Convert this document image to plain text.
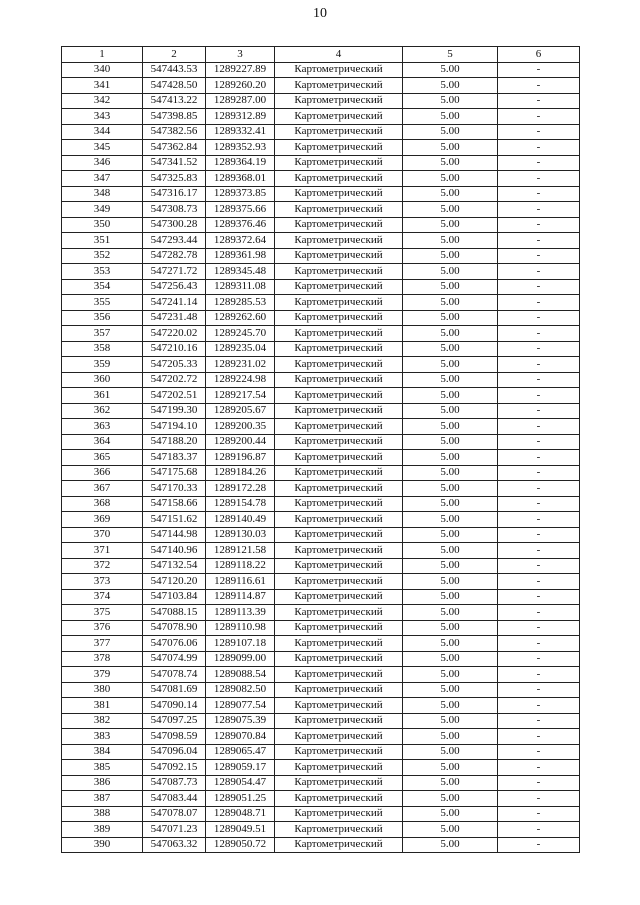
10
1	2	3	4	5	6
340	547443.53	1289227.89	Картометрический	5.00	-
341	547428.50	1289260.20	Картометрический	5.00	-
342	547413.22	1289287.00	Картометрический	5.00	-
343	547398.85	1289312.89	Картометрический	5.00	-
344	547382.56	1289332.41	Картометрический	5.00	-
345	547362.84	1289352.93	Картометрический	5.00	-
346	547341.52	1289364.19	Картометрический	5.00	-
347	547325.83	1289368.01	Картометрический	5.00	-
348	547316.17	1289373.85	Картометрический	5.00	-
349	547308.73	1289375.66	Картометрический	5.00	-
350	547300.28	1289376.46	Картометрический	5.00	-
351	547293.44	1289372.64	Картометрический	5.00	-
352	547282.78	1289361.98	Картометрический	5.00	-
353	547271.72	1289345.48	Картометрический	5.00	-
354	547256.43	1289311.08	Картометрический	5.00	-
355	547241.14	1289285.53	Картометрический	5.00	-
356	547231.48	1289262.60	Картометрический	5.00	-
357	547220.02	1289245.70	Картометрический	5.00	-
358	547210.16	1289235.04	Картометрический	5.00	-
359	547205.33	1289231.02	Картометрический	5.00	-
360	547202.72	1289224.98	Картометрический	5.00	-
361	547202.51	1289217.54	Картометрический	5.00	-
362	547199.30	1289205.67	Картометрический	5.00	-
363	547194.10	1289200.35	Картометрический	5.00	-
364	547188.20	1289200.44	Картометрический	5.00	-
365	547183.37	1289196.87	Картометрический	5.00	-
366	547175.68	1289184.26	Картометрический	5.00	-
367	547170.33	1289172.28	Картометрический	5.00	-
368	547158.66	1289154.78	Картометрический	5.00	-
369	547151.62	1289140.49	Картометрический	5.00	-
370	547144.98	1289130.03	Картометрический	5.00	-
371	547140.96	1289121.58	Картометрический	5.00	-
372	547132.54	1289118.22	Картометрический	5.00	-
373	547120.20	1289116.61	Картометрический	5.00	-
374	547103.84	1289114.87	Картометрический	5.00	-
375	547088.15	1289113.39	Картометрический	5.00	-
376	547078.90	1289110.98	Картометрический	5.00	-
377	547076.06	1289107.18	Картометрический	5.00	-
378	547074.99	1289099.00	Картометрический	5.00	-
379	547078.74	1289088.54	Картометрический	5.00	-
380	547081.69	1289082.50	Картометрический	5.00	-
381	547090.14	1289077.54	Картометрический	5.00	-
382	547097.25	1289075.39	Картометрический	5.00	-
383	547098.59	1289070.84	Картометрический	5.00	-
384	547096.04	1289065.47	Картометрический	5.00	-
385	547092.15	1289059.17	Картометрический	5.00	-
386	547087.73	1289054.47	Картометрический	5.00	-
387	547083.44	1289051.25	Картометрический	5.00	-
388	547078.07	1289048.71	Картометрический	5.00	-
389	547071.23	1289049.51	Картометрический	5.00	-
390	547063.32	1289050.72	Картометрический	5.00	-
